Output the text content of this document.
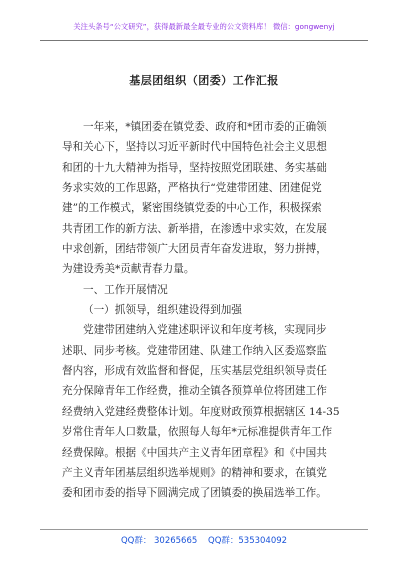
关注头条号“公文研究”，获得最新最全最专业的公文资料库！ 微信：gongwenyj
基层团组织（团委）工作汇报

一年来，*镇团委在镇党委、政府和*团市委的正确领
导和关心下，坚持以习近平新时代中国特色社会主义思想
和团的十九大精神为指导，坚持按照党团联建、务实基础
务求实效的工作思路，严格执行“党建带团建、团建促党
建”的工作模式，紧密围绕镇党委的中心工作，积极探索
共青团工作的新方法、新举措，在渗透中求实效，在发展
中求创新，团结带领广大团员青年奋发进取，努力拼搏，
为建设秀美*贡献青春力量。

一、工作开展情况

（一）抓领导，组织建设得到加强

党建带团建纳入党建述职评议和年度考核，实现同步
述职、同步考核。党建带团建、队建工作纳入区委巡察监
督内容，形成有效监督和督促，压实基层党组织领导责任
充分保障青年工作经费，推动全镇各预算单位将团建工作
经费纳入党建经费整体计划。年度财政预算根据辖区 14-35
岁常住青年人口数量，依照每人每年*元标准提供青年工作
经费保障。根据《中国共产主义青年团章程》和《中国共
产主义青年团基层组织选举规则》的精神和要求，在镇党
委和团市委的指导下圆满完成了团镇委的换届选举工作。

QQ群： 30265665 QQ群：535304092
